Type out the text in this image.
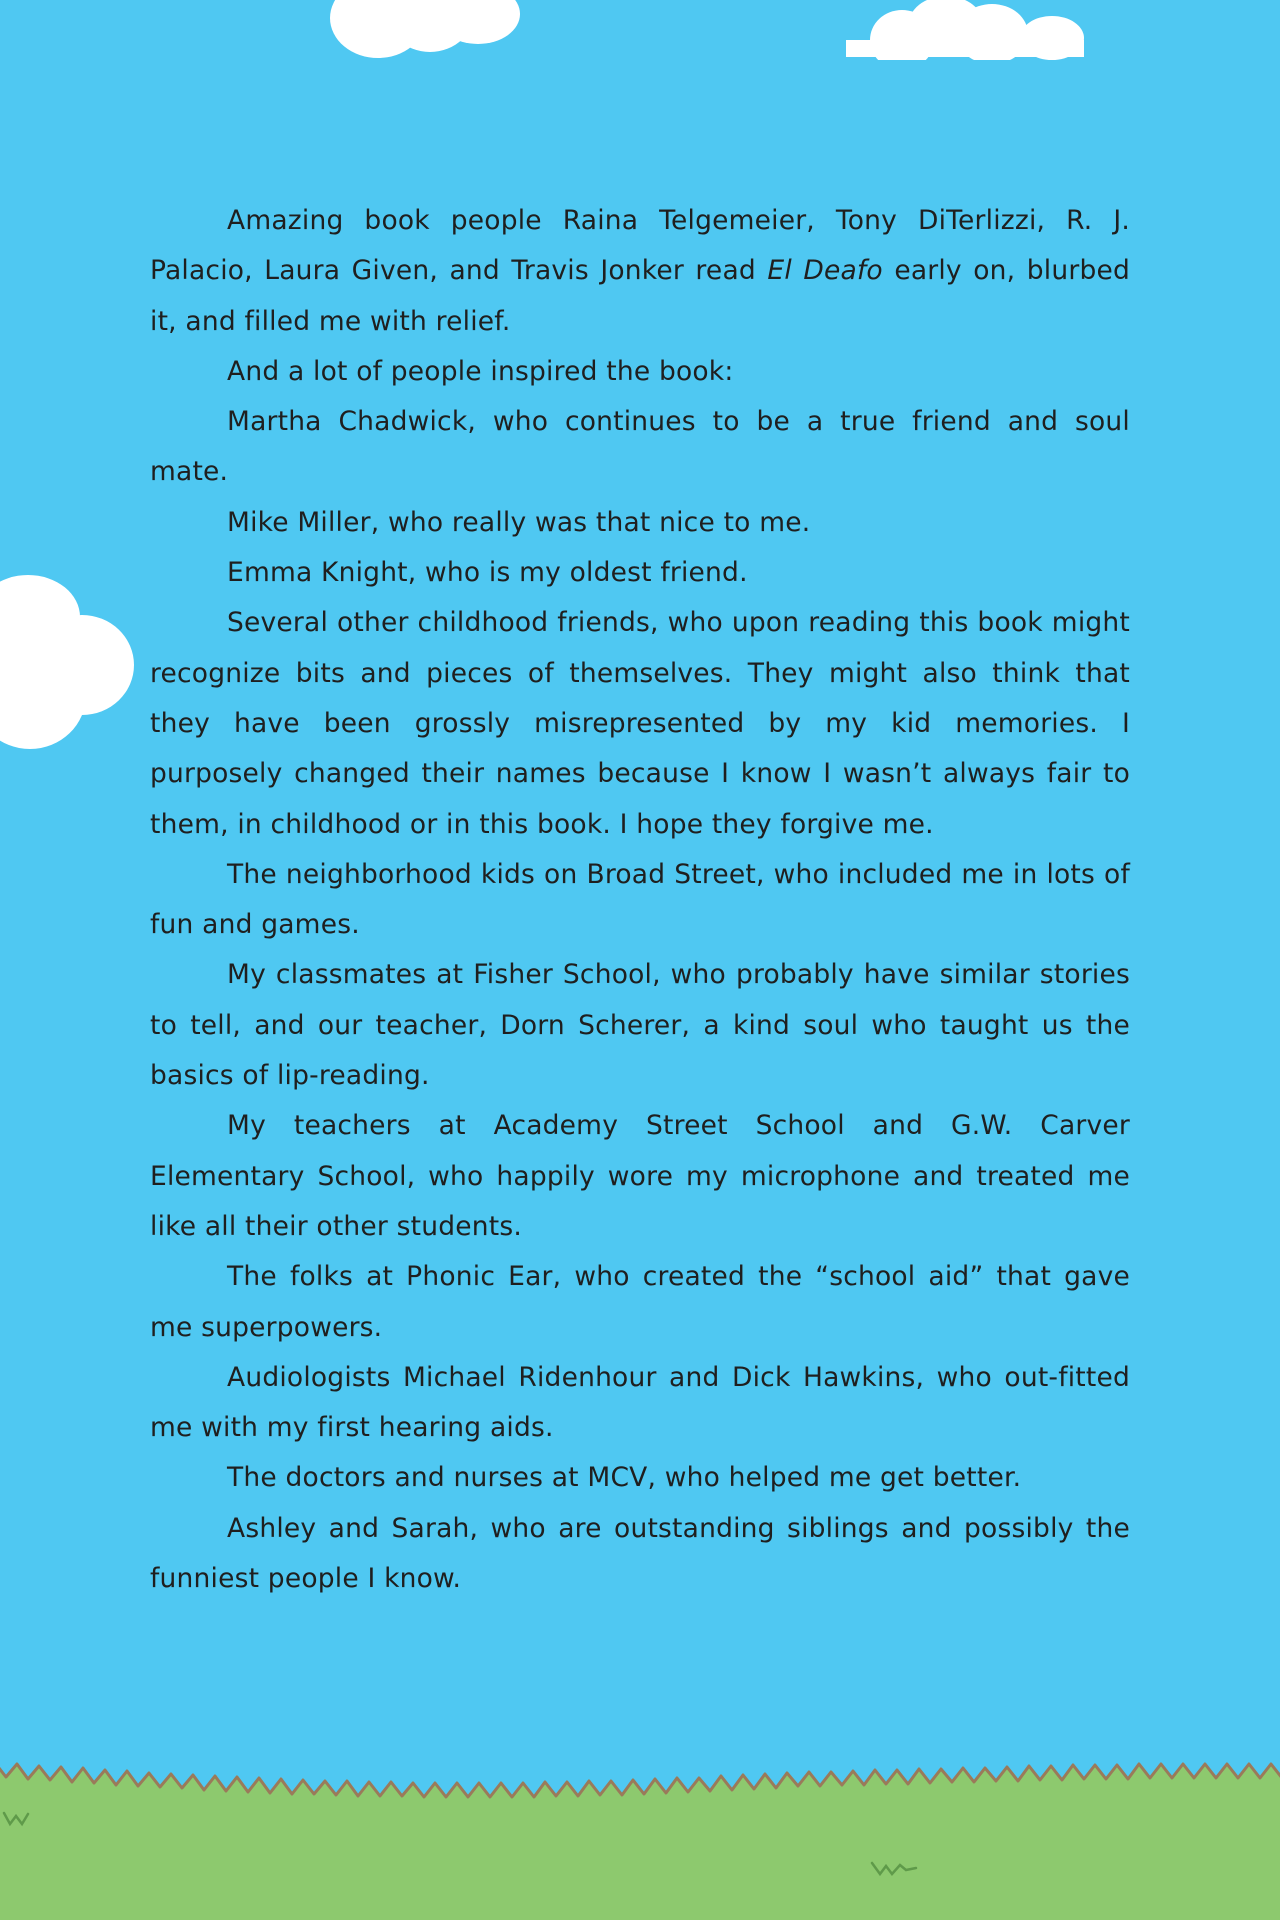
Amazing book people Raina Telgemeier, Tony DiTerlizzi, R. J. Palacio, Laura Given, and Travis Jonker read El Deafo early on, blurbed it, and filled me with relief.

And a lot of people inspired the book:

Martha Chadwick, who continues to be a true friend and soul mate.

Mike Miller, who really was that nice to me.

Emma Knight, who is my oldest friend.

Several other childhood friends, who upon reading this book might recognize bits and pieces of themselves. They might also think that they have been grossly misrepresented by my kid memories. I purposely changed their names because I know I wasn’t always fair to them, in childhood or in this book. I hope they forgive me.

The neighborhood kids on Broad Street, who included me in lots of fun and games.

My classmates at Fisher School, who probably have similar stories to tell, and our teacher, Dorn Scherer, a kind soul who taught us the basics of lip-reading.

My teachers at Academy Street School and G.W. Carver Elementary School, who happily wore my microphone and treated me like all their other students.

The folks at Phonic Ear, who created the “school aid” that gave me superpowers.

Audiologists Michael Ridenhour and Dick Hawkins, who out-fitted me with my first hearing aids.

The doctors and nurses at MCV, who helped me get better.

Ashley and Sarah, who are outstanding siblings and possibly the funniest people I know.
